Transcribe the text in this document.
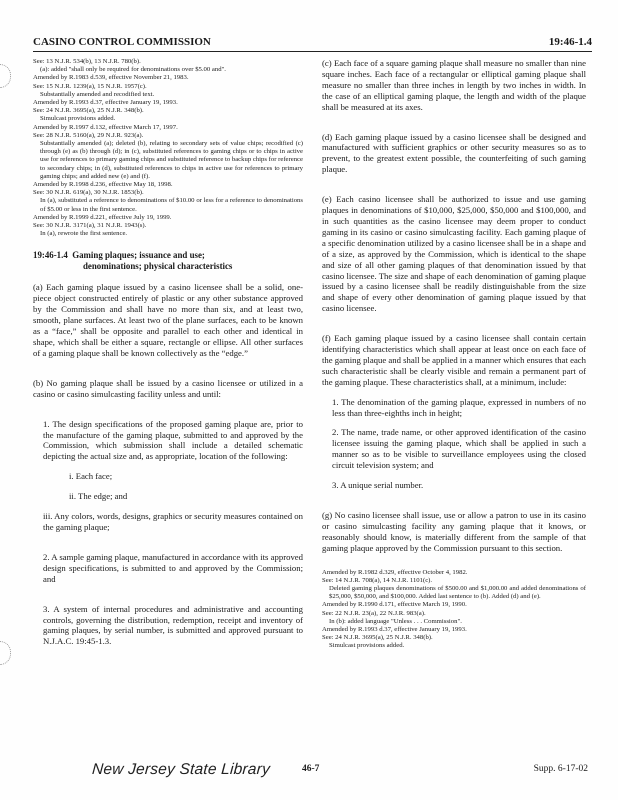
CASINO CONTROL COMMISSION	19:46-1.4

See: 13 N.J.R. 534(b), 13 N.J.R. 780(b).

(a): added "shall only be required for denominations over $5.00 and".

Amended by R.1983 d.539, effective November 21, 1983.

See: 15 N.J.R. 1239(a), 15 N.J.R. 1957(c).

Substantially amended and recodified text.

Amended by R.1993 d.37, effective January 19, 1993.

See: 24 N.J.R. 3695(a), 25 N.J.R. 348(b).

Simulcast provisions added.

Amended by R.1997 d.132, effective March 17, 1997.

See: 28 N.J.R. 5160(a), 29 N.J.R. 923(a).

Substantially amended (a); deleted (b), relating to secondary sets of value chips; recodified (c) through (e) as (b) through (d); in (c), substituted references to gaming chips or to chips in active use for references to primary gaming chips and substituted reference to backup chips for reference to secondary chips; in (d), substituted references to chips in active use for references to primary gaming chips; and added new (e) and (f).

Amended by R.1998 d.236, effective May 18, 1998.

See: 30 N.J.R. 619(a), 30 N.J.R. 1853(b).

In (a), substituted a reference to denominations of $10.00 or less for a reference to denominations of $5.00 or less in the first sentence.

Amended by R.1999 d.221, effective July 19, 1999.

See: 30 N.J.R. 3171(a), 31 N.J.R. 1943(s).

In (a), rewrote the first sentence.

19:46-1.4 Gaming plaques; issuance and use;
denominations; physical characteristics

(a) Each gaming plaque issued by a casino licensee shall be a solid, one-piece object constructed entirely of plastic or any other substance approved by the Commission and shall have no more than six, and at least two, smooth, plane surfaces. At least two of the plane surfaces, each to be known as a “face,” shall be opposite and parallel to each other and identical in shape, which shall be either a square, rectangle or ellipse. All other surfaces of a gaming plaque shall be known collectively as the “edge.”

(b) No gaming plaque shall be issued by a casino licensee or utilized in a casino or casino simulcasting facility unless and until:

1. The design specifications of the proposed gaming plaque are, prior to the manufacture of the gaming plaque, submitted to and approved by the Commission, which submission shall include a detailed schematic depicting the actual size and, as appropriate, location of the following:

i. Each face;

ii. The edge; and

iii. Any colors, words, designs, graphics or security measures contained on the gaming plaque;

2. A sample gaming plaque, manufactured in accordance with its approved design specifications, is submitted to and approved by the Commission; and

3. A system of internal procedures and administrative and accounting controls, governing the distribution, redemption, receipt and inventory of gaming plaques, by serial number, is submitted and approved pursuant to N.J.A.C. 19:45-1.3.

(c) Each face of a square gaming plaque shall measure no smaller than nine square inches. Each face of a rectangular or elliptical gaming plaque shall measure no smaller than three inches in length by two inches in width. In the case of an elliptical gaming plaque, the length and width of the plaque shall be measured at its axes.

(d) Each gaming plaque issued by a casino licensee shall be designed and manufactured with sufficient graphics or other security measures so as to prevent, to the greatest extent possible, the counterfeiting of such gaming plaque.

(e) Each casino licensee shall be authorized to issue and use gaming plaques in denominations of $10,000, $25,000, $50,000 and $100,000, and in such quantities as the casino licensee may deem proper to conduct gaming in its casino or casino simulcasting facility. Each gaming plaque of a specific denomination utilized by a casino licensee shall be in a shape and of a size, as approved by the Commission, which is identical to the shape and size of all other gaming plaques of that denomination issued by that casino licensee. The size and shape of each denomination of gaming plaque issued by a casino licensee shall be readily distinguishable from the size and shape of every other denomination of gaming plaque issued by that casino licensee.

(f) Each gaming plaque issued by a casino licensee shall contain certain identifying characteristics which shall appear at least once on each face of the gaming plaque and shall be applied in a manner which ensures that each such characteristic shall be clearly visible and remain a permanent part of the gaming plaque. These characteristics shall, at a minimum, include:

1. The denomination of the gaming plaque, expressed in numbers of no less than three-eighths inch in height;

2. The name, trade name, or other approved identification of the casino licensee issuing the gaming plaque, which shall be applied in such a manner so as to be visible to surveillance employees using the closed circuit television system; and

3. A unique serial number.

(g) No casino licensee shall issue, use or allow a patron to use in its casino or casino simulcasting facility any gaming plaque that it knows, or reasonably should know, is materially different from the sample of that gaming plaque approved by the Commission pursuant to this section.

Amended by R.1982 d.329, effective October 4, 1982.

See: 14 N.J.R. 708(a), 14 N.J.R. 1101(c).

Deleted gaming plaques denominations of $500.00 and $1,000.00 and added denominations of $25,000, $50,000, and $100,000. Added last sentence to (b). Added (d) and (e).

Amended by R.1990 d.171, effective March 19, 1990.

See: 22 N.J.R. 23(a), 22 N.J.R. 983(a).

In (b): added language "Unless . . . Commission".

Amended by R.1993 d.37, effective January 19, 1993.

See: 24 N.J.R. 3695(a), 25 N.J.R. 348(b).

Simulcast provisions added.

New Jersey State Library	46-7	Supp. 6-17-02
